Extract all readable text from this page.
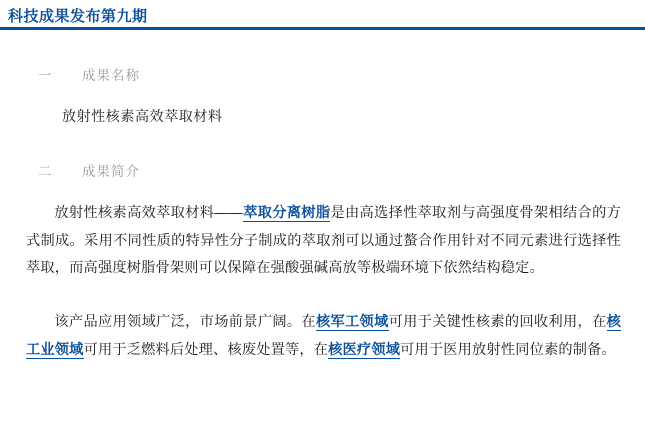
科技成果发布第九期
一	成果名称
放射性核素高效萃取材料
二	成果简介

放射性核素高效萃取材料——萃取分离树脂是由高选择性萃取剂与高强度骨架相结合的方式制成。采用不同性质的特异性分子制成的萃取剂可以通过螯合作用针对不同元素进行选择性萃取，而高强度树脂骨架则可以保障在强酸强碱高放等极端环境下依然结构稳定。

该产品应用领域广泛，市场前景广阔。在核军工领域可用于关键性核素的回收利用，在核工业领域可用于乏燃料后处理、核废处置等，在核医疗领域可用于医用放射性同位素的制备。
